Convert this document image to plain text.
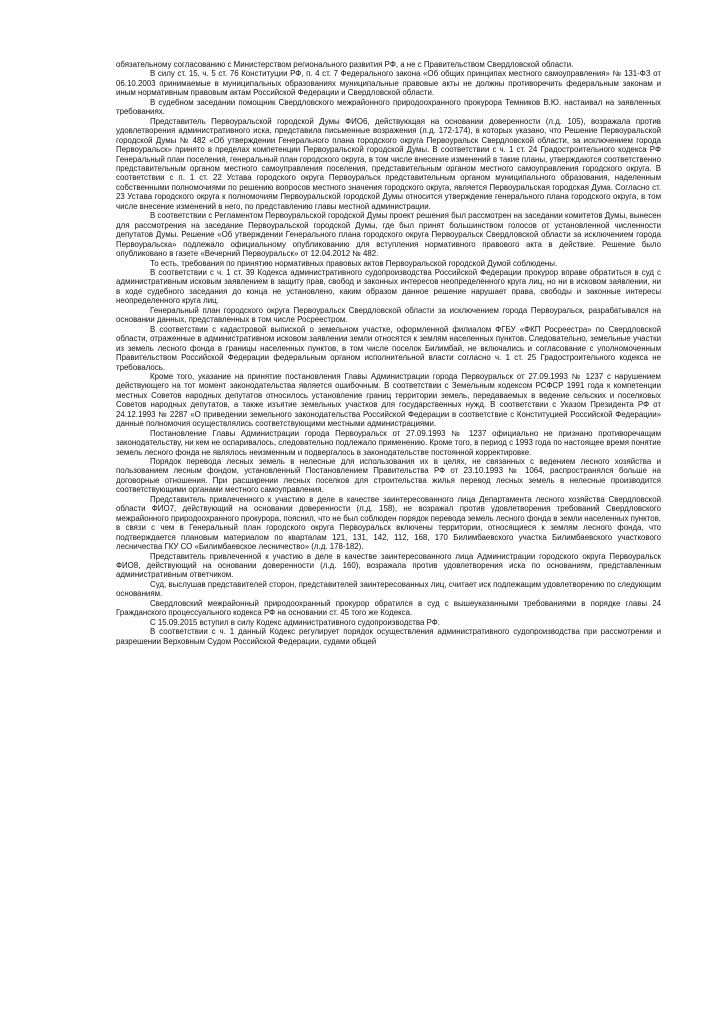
обязательному согласованию с Министерством регионального развития РФ, а не с Правительством Свердловской области.

В силу ст. 15, ч. 5 ст. 76 Конституции РФ, п. 4 ст. 7 Федерального закона «Об общих принципах местного самоуправления» № 131-ФЗ от 06.10.2003 принимаемые в муниципальных образованиях муниципальные правовые акты не должны противоречить федеральным законам и иным нормативным правовым актам Российской Федерации и Свердловской области.

В судебном заседании помощник Свердловского межрайонного природоохранного прокурора Темников В.Ю. настаивал на заявленных требованиях.

Представитель Первоуральской городской Думы ФИО6, действующая на основании доверенности (л.д. 105), возражала против удовлетворения административного иска, представила письменные возражения (л.д. 172-174), в которых указано, что Решение Первоуральской городской Думы № 482 «Об утверждении Генерального плана городского округа Первоуральск Свердловской области, за исключением города Первоуральск» принято в пределах компетенции Первоуральской городской Думы. В соответствии с ч. 1 ст. 24 Градостроительного кодекса РФ Генеральный план поселения, генеральный план городского округа, в том числе внесение изменений в такие планы, утверждаются соответственно представительным органом местного самоуправления поселения, представительным органом местного самоуправления городского округа. В соответствии с п. 1 ст. 22 Устава городского округа Первоуральск представительным органом муниципального образования, наделенным собственными полномочиями по решению вопросов местного значения городского округа, является Первоуральская городская Дума. Согласно ст. 23 Устава городского округа к полномочиям Первоуральской городской Думы относится утверждение генерального плана городского округа, в том числе внесение изменений в него, по представлению главы местной администрации.

В соответствии с Регламентом Первоуральской городской Думы проект решения был рассмотрен на заседании комитетов Думы, вынесен для рассмотрения на заседание Первоуральской городской Думы, где был принят большинством голосов от установленной численности депутатов Думы. Решение «Об утверждении Генерального плана городского округа Первоуральск Свердловской области за исключением города Первоуральска» подлежало официальному опубликованию для вступления нормативного правового акта в действие. Решение было опубликовано в газете «Вечерний Первоуральск» от 12.04.2012 № 482.

То есть, требования по принятию нормативных правовых актов Первоуральской городской Думой соблюдены.

В соответствии с ч. 1 ст. 39 Кодекса административного судопроизводства Российской Федерации прокурор вправе обратиться в суд с административным исковым заявлением в защиту прав, свобод и законных интересов неопределенного круга лиц, но ни в исковом заявлении, ни в ходе судебного заседания до конца не установлено, каким образом данное решение нарушает права, свободы и законные интересы неопределенного круга лиц.

Генеральный план городского округа Первоуральск Свердловской области за исключением города Первоуральск, разрабатывался на основании данных, представленных в том числе Росреестром.

В соответствии с кадастровой выпиской о земельном участке, оформленной филиалом ФГБУ «ФКП Росреестра» по Свердловской области, отраженные в административном исковом заявлении земли относятся к землям населенных пунктов. Следовательно, земельные участки из земель лесного фонда в границы населенных пунктов, в том числе поселок Билимбай, не включались и согласование с уполномоченным Правительством Российской Федерации федеральным органом исполнительной власти согласно ч. 1 ст. 25 Градостроительного кодекса не требовалось.

Кроме того, указание на принятие постановления Главы Администрации города Первоуральск от 27.09.1993 № 1237 с нарушением действующего на тот момент законодательства является ошибочным. В соответствии с Земельным кодексом РСФСР 1991 года к компетенции местных Советов народных депутатов относилось установление границ территории земель, передаваемых в ведение сельских и поселковых Советов народных депутатов, а также изъятие земельных участков для государственных нужд. В соответствии с Указом Президента РФ от 24.12.1993 № 2287 «О приведении земельного законодательства Российской Федерации в соответствие с Конституцией Российской Федерации» данные полномочия осуществлялись соответствующими местными администрациями.

Постановление Главы Администрации города Первоуральск от 27.09.1993 № 1237 официально не признано противоречащим законодательству, ни кем не оспаривалось, следовательно подлежало применению. Кроме того, в период с 1993 года по настоящее время понятие земель лесного фонда не являлось неизменным и подвергалось в законодательстве постоянной корректировке.

Порядок перевода лесных земель в нелесные для использования их в целях, не связанных с ведением лесного хозяйства и пользованием лесным фондом, установленный Постановлением Правительства РФ от 23.10.1993 № 1064, распространялся больше на договорные отношения. При расширении лесных поселков для строительства жилья перевод лесных земель в нелесные производится соответствующими органами местного самоуправления.

Представитель привлеченного к участию в деле в качестве заинтересованного лица Департамента лесного хозяйства Свердловской области ФИО7, действующий на основании доверенности (л.д. 158), не возражал против удовлетворения требований Свердловского межрайонного природоохранного прокурора, пояснил, что не был соблюден порядок перевода земель лесного фонда в земли населенных пунктов, в связи с чем в Генеральный план городского округа Первоуральск включены территории, относящиеся к землям лесного фонда, что подтверждается плановым материалом по кварталам 121, 131, 142, 112, 168, 170 Билимбаевского участка Билимбаевского участкового лесничества ГКУ СО «Билимбаевское лесничество» (л.д. 178-182).

Представитель привлеченной к участию в деле в качестве заинтересованного лица Администрации городского округа Первоуральск ФИО8, действующий на основании доверенности (л.д. 160), возражала против удовлетворения иска по основаниям, представленным административным ответчиком.

Суд, выслушав представителей сторон, представителей заинтересованных лиц, считает иск подлежащим удовлетворению по следующим основаниям.

Свердловский межрайонный природоохранный прокурор обратился в суд с вышеуказанными требованиями в порядке главы 24 Гражданского процессуального кодекса РФ на основании ст. 45 того же Кодекса.

С 15.09.2015 вступил в силу Кодекс административного судопроизводства РФ.

В соответствии с ч. 1 данный Кодекс регулирует порядок осуществления административного судопроизводства при рассмотрении и разрешении Верховным Судом Российской Федерации, судами общей
